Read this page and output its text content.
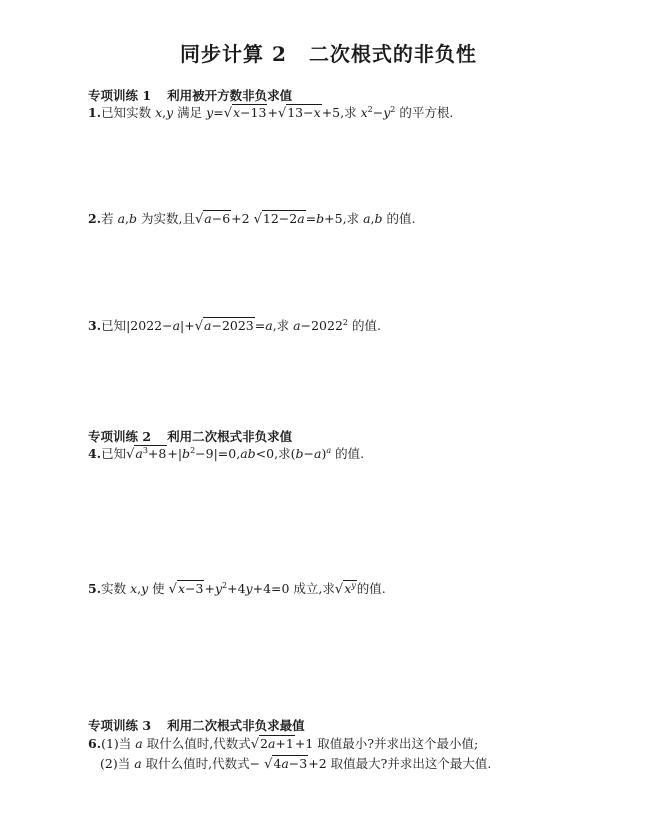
同步计算 2 二次根式的非负性
专项训练 1 利用被开方数非负求值
1.已知实数 x,y 满足 y=√x−13+√13−x+5,求 $x^2-y^2$ 的平方根.
2.若 a,b 为实数,且√a−6+2 √12−2a=b+5,求 a,b 的值.
3.已知|2022−a|+√a−2023=a,求 $a-2022^2$ 的值.
专项训练 2 利用二次根式非负求值
4.已知$√a^3+8+|b^2-9|=0,ab<0$,求$(b-a)^a$ 的值.
5.实数 x,y 使 $√x-3+y^2+4y+4=0$ 成立,求$√x^y$的值.
专项训练 3 利用二次根式非负求最值
6.(1)当 a 取什么值时,代数式√2a+1+1 取值最小?并求出这个最小值;
(2)当 a 取什么值时,代数式− √4a−3+2 取值最大?并求出这个最大值.
